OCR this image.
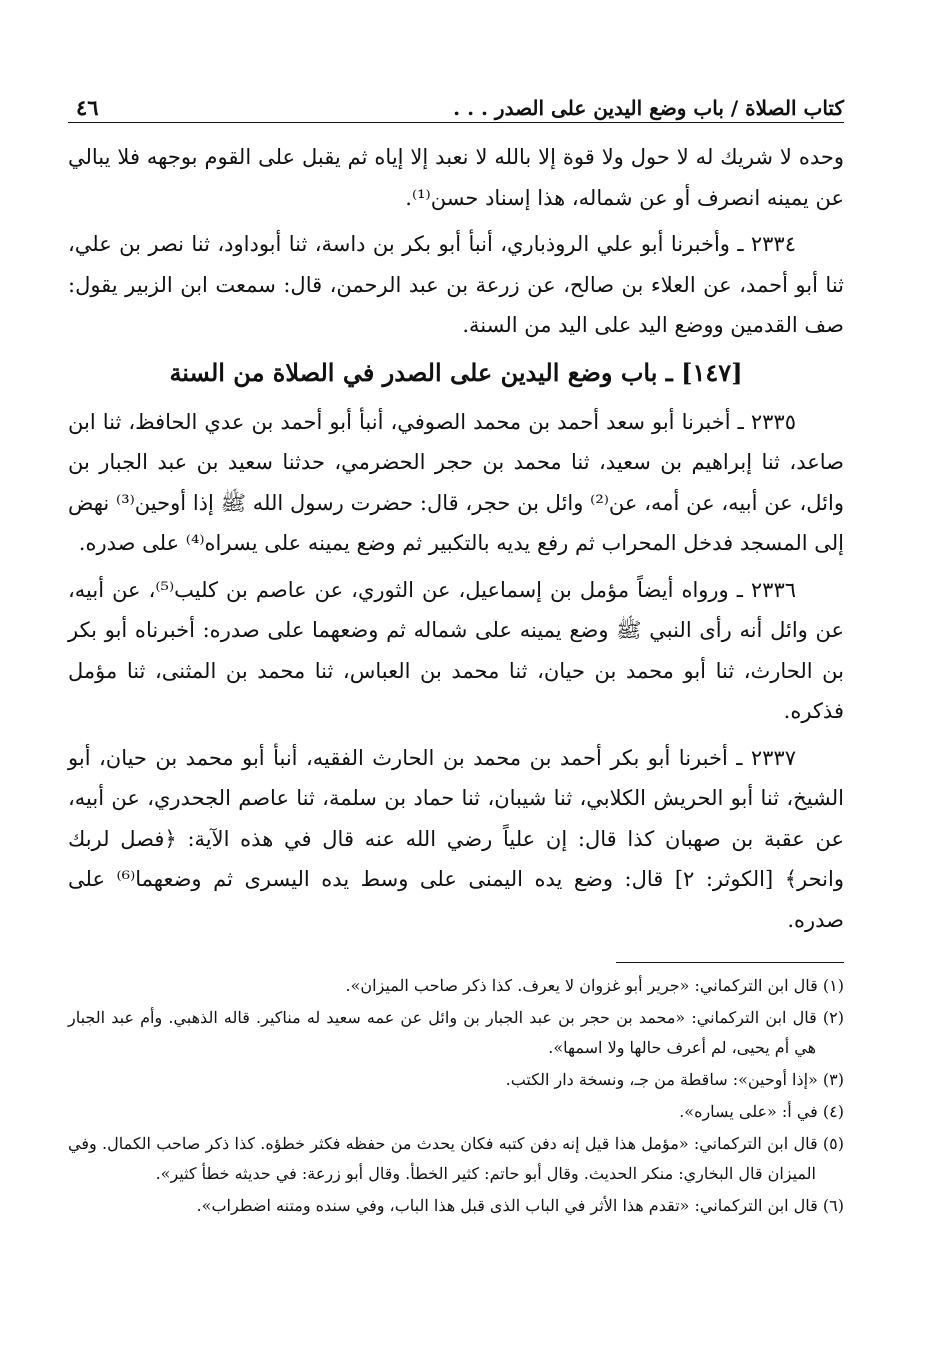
كتاب الصلاة / باب وضع اليدين على الصدر . . .
٤٦

وحده لا شريك له لا حول ولا قوة إلا بالله لا نعبد إلا إياه ثم يقبل على القوم بوجهه فلا يبالي عن يمينه انصرف أو عن شماله، هذا إسناد حسن⁽¹⁾.

٢٣٣٤ ـ وأخبرنا أبو علي الروذباري، أنبأ أبو بكر بن داسة، ثنا أبوداود، ثنا نصر بن علي، ثنا أبو أحمد، عن العلاء بن صالح، عن زرعة بن عبد الرحمن، قال: سمعت ابن الزبير يقول: صف القدمين ووضع اليد على اليد من السنة.

[١٤٧] ـ باب وضع اليدين على الصدر في الصلاة من السنة

٢٣٣٥ ـ أخبرنا أبو سعد أحمد بن محمد الصوفي، أنبأ أبو أحمد بن عدي الحافظ، ثنا ابن صاعد، ثنا إبراهيم بن سعيد، ثنا محمد بن حجر الحضرمي، حدثنا سعيد بن عبد الجبار بن وائل، عن أبيه، عن أمه، عن⁽²⁾ وائل بن حجر، قال: حضرت رسول الله ﷺ إذا أوحين⁽³⁾ نهض إلى المسجد فدخل المحراب ثم رفع يديه بالتكبير ثم وضع يمينه على يسراه⁽⁴⁾ على صدره.

٢٣٣٦ ـ ورواه أيضاً مؤمل بن إسماعيل، عن الثوري، عن عاصم بن كليب⁽⁵⁾، عن أبيه، عن وائل أنه رأى النبي ﷺ وضع يمينه على شماله ثم وضعهما على صدره: أخبرناه أبو بكر بن الحارث، ثنا أبو محمد بن حيان، ثنا محمد بن العباس، ثنا محمد بن المثنى، ثنا مؤمل فذكره.

٢٣٣٧ ـ أخبرنا أبو بكر أحمد بن محمد بن الحارث الفقيه، أنبأ أبو محمد بن حيان، أبو الشيخ، ثنا أبو الحريش الكلابي، ثنا شيبان، ثنا حماد بن سلمة، ثنا عاصم الجحدري، عن أبيه، عن عقبة بن صهبان كذا قال: إن علياً رضي الله عنه قال في هذه الآية: ﴿فصل لربك وانحر﴾ [الكوثر: ٢] قال: وضع يده اليمنى على وسط يده اليسرى ثم وضعهما⁽⁶⁾ على صدره.

(١) قال ابن التركماني: «جرير أبو غزوان لا يعرف. كذا ذكر صاحب الميزان».

(٢) قال ابن التركماني: «محمد بن حجر بن عبد الجبار بن وائل عن عمه سعيد له مناكير. قاله الذهبي. وأم عبد الجبار هي أم يحيى، لم أعرف حالها ولا اسمها».

(٣) «إذا أوحين»: ساقطة من جـ، ونسخة دار الكتب.

(٤) في أ: «على يساره».

(٥) قال ابن التركماني: «مؤمل هذا قيل إنه دفن كتبه فكان يحدث من حفظه فكثر خطؤه. كذا ذكر صاحب الكمال. وفي الميزان قال البخاري: منكر الحديث. وقال أبو حاتم: كثير الخطأ. وقال أبو زرعة: في حديثه خطأ كثير».

(٦) قال ابن التركماني: «تقدم هذا الأثر في الباب الذى قبل هذا الباب، وفي سنده ومتنه اضطراب».
